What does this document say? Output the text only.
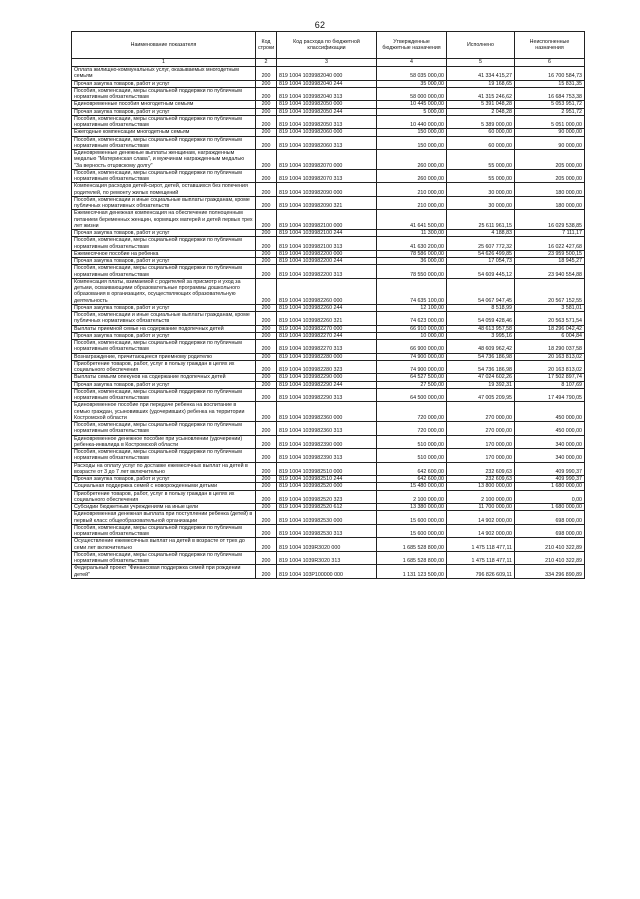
62
Наименование показателя	Код строки	Код расхода по бюджетной классификации	Утвержденные бюджетные назначения	Исполнено	Неисполненные назначения
1	2	3	4	5	6
Оплата жилищно-коммунальных услуг, оказываемых многодетным семьям	200	819 1004 1039982040 000	58 035 000,00	41 334 415,27	16 700 584,73
Прочая закупка товаров, работ и услуг	200	819 1004 1039982040 244	35 000,00	19 168,65	15 831,35
Пособия, компенсации, меры социальной поддержки по публичным нормативным обязательствам	200	819 1004 1039982040 313	58 000 000,00	41 315 246,62	16 684 753,38
Единовременные пособия многодетным семьям	200	819 1004 1039982050 000	10 445 000,00	5 391 048,28	5 053 951,72
Прочая закупка товаров, работ и услуг	200	819 1004 1039982050 244	5 000,00	2 048,28	2 951,72
Пособия, компенсации, меры социальной поддержки по публичным нормативным обязательствам	200	819 1004 1039982050 313	10 440 000,00	5 389 000,00	5 051 000,00
Ежегодные компенсации многодетным семьям	200	819 1004 1039982060 000	150 000,00	60 000,00	90 000,00
Пособия, компенсации, меры социальной поддержки по публичным нормативным обязательствам	200	819 1004 1039982060 313	150 000,00	60 000,00	90 000,00
Единовременные денежные выплаты женщинам, награжденным медалью "Материнская слава", и мужчинам награжденным медалью "За верность отцовскому долгу"	200	819 1004 1039982070 000	260 000,00	55 000,00	205 000,00
Пособия, компенсации, меры социальной поддержки по публичным нормативным обязательствам	200	819 1004 1039982070 313	260 000,00	55 000,00	205 000,00
Компенсация расходов детей-сирот, детей, оставшихся без попечения родителей, по ремонту жилых помещений	200	819 1004 1039982090 000	210 000,00	30 000,00	180 000,00
Пособия, компенсации и иные социальные выплаты гражданам, кроме публичных нормативных обязательств	200	819 1004 1039982090 321	210 000,00	30 000,00	180 000,00
Ежемесячная денежная компенсация на обеспечение полноценным питанием беременных женщин, кормящих матерей и детей первых трех лет жизни	200	819 1004 1039982100 000	41 641 500,00	25 611 961,15	16 029 538,85
Прочая закупка товаров, работ и услуг	200	819 1004 1039982100 244	11 300,00	4 188,83	7 111,17
Пособия, компенсации, меры социальной поддержки по публичным нормативным обязательствам	200	819 1004 1039982100 313	41 630 200,00	25 607 772,32	16 022 427,68
Ежемесячное пособие на ребенка	200	819 1004 1039982200 000	78 586 000,00	54 626 499,85	23 959 500,15
Прочая закупка товаров, работ и услуг	200	819 1004 1039982200 244	36 000,00	17 054,73	18 945,27
Пособия, компенсации, меры социальной поддержки по публичным нормативным обязательствам	200	819 1004 1039982200 313	78 550 000,00	54 609 445,12	23 940 554,88
Компенсация платы, взимаемой с родителей за присмотр и уход за детьми, осваивающими образовательные программы дошкольного образования в организациях, осуществляющих образовательную деятельность	200	819 1004 1039982260 000	74 635 100,00	54 067 947,45	20 567 152,55
Прочая закупка товаров, работ и услуг	200	819 1004 1039982260 244	12 100,00	8 518,99	3 581,01
Пособия, компенсации и иные социальные выплаты гражданам, кроме публичных нормативных обязательств	200	819 1004 1039982260 321	74 623 000,00	54 059 428,46	20 563 571,54
Выплаты приемной семье на содержание подопечных детей	200	819 1004 1039982270 000	66 910 000,00	48 613 957,58	18 296 042,42
Прочая закупка товаров, работ и услуг	200	819 1004 1039982270 244	10 000,00	3 995,16	6 004,84
Пособия, компенсации, меры социальной поддержки по публичным нормативным обязательствам	200	819 1004 1039982270 313	66 900 000,00	48 609 962,42	18 290 037,58
Вознаграждение, причитающееся приемному родителю	200	819 1004 1039982280 000	74 900 000,00	54 736 186,98	20 163 813,02
Приобретение товаров, работ, услуг в пользу граждан в целях их социального обеспечения	200	819 1004 1039982280 323	74 900 000,00	54 736 186,98	20 163 813,02
Выплаты семьям опекунов на содержание подопечных детей	200	819 1004 1039982290 000	64 527 500,00	47 024 602,26	17 502 897,74
Прочая закупка товаров, работ и услуг	200	819 1004 1039982290 244	27 500,00	19 392,31	8 107,69
Пособия, компенсации, меры социальной поддержки по публичным нормативным обязательствам	200	819 1004 1039982290 313	64 500 000,00	47 005 209,95	17 494 790,05
Единовременное пособие при передаче ребенка на воспитание в семью граждан, усыновивших (удочеривших) ребенка на территории Костромской области	200	819 1004 1039982360 000	720 000,00	270 000,00	450 000,00
Пособия, компенсации, меры социальной поддержки по публичным нормативным обязательствам	200	819 1004 1039982360 313	720 000,00	270 000,00	450 000,00
Единовременное денежное пособие при усыновлении (удочерении) ребенка-инвалида в Костромской области	200	819 1004 1039982390 000	510 000,00	170 000,00	340 000,00
Пособия, компенсации, меры социальной поддержки по публичным нормативным обязательствам	200	819 1004 1039982390 313	510 000,00	170 000,00	340 000,00
Расходы на оплату услуг по доставке ежемесячных выплат на детей в возрасте от 3 до 7 лет включительно	200	819 1004 1039982510 000	642 600,00	232 609,63	409 990,37
Прочая закупка товаров, работ и услуг	200	819 1004 1039982510 244	642 600,00	232 609,63	409 990,37
Социальная поддержка семей с новорожденными детьми	200	819 1004 1039982520 000	15 480 000,00	13 800 000,00	1 680 000,00
Приобретение товаров, работ, услуг в пользу граждан в целях их социального обеспечения	200	819 1004 1039982520 323	2 100 000,00	2 100 000,00	0,00
Субсидии бюджетным учреждениям на иные цели	200	819 1004 1039982520 612	13 380 000,00	11 700 000,00	1 680 000,00
Единовременная денежная выплата при поступлении ребенка (детей) в первый класс общеобразовательной организации	200	819 1004 1039982530 000	15 600 000,00	14 902 000,00	698 000,00
Пособия, компенсации, меры социальной поддержки по публичным нормативным обязательствам	200	819 1004 1039982530 313	15 600 000,00	14 902 000,00	698 000,00
Осуществление ежемесячных выплат на детей в возрасте от трех до семи лет включительно	200	819 1004 1039R3020 000	1 685 528 800,00	1 475 118 477,11	210 410 322,89
Пособия, компенсации, меры социальной поддержки по публичным нормативным обязательствам	200	819 1004 1039R3020 313	1 685 528 800,00	1 475 118 477,11	210 410 322,89
Федеральный проект "Финансовая поддержка семей при рождении детей"	200	819 1004 103P100000 000	1 131 123 500,00	796 826 609,11	334 296 890,89
